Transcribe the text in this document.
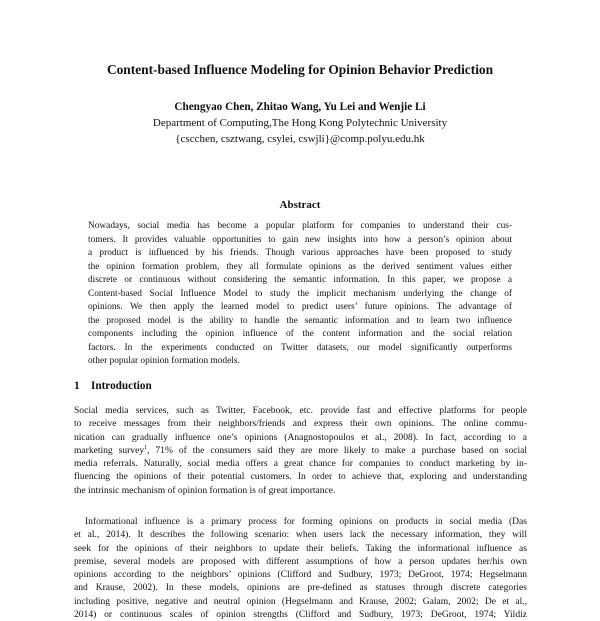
Content-based Influence Modeling for Opinion Behavior Prediction
Chengyao Chen, Zhitao Wang, Yu Lei and Wenjie Li
Department of Computing,The Hong Kong Polytechnic University
{cscchen, csztwang, csylei, cswjli}@comp.polyu.edu.hk
Abstract
Nowadays, social media has become a popular platform for companies to understand their cus-
tomers. It provides valuable opportunities to gain new insights into how a person’s opinion about
a product is influenced by his friends. Though various approaches have been proposed to study
the opinion formation problem, they all formulate opinions as the derived sentiment values either
discrete or continuous without considering the semantic information. In this paper, we propose a
Content-based Social Influence Model to study the implicit mechanism underlying the change of
opinions. We then apply the learned model to predict users’ future opinions. The advantage of
the proposed model is the ability to handle the semantic information and to learn two influence
components including the opinion influence of the content information and the social relation
factors. In the experiments conducted on Twitter datasets, our model significantly outperforms
other popular opinion formation models.
1 Introduction
Social media services, such as Twitter, Facebook, etc. provide fast and effective platforms for people
to receive messages from their neighbors/friends and express their own opinions. The online commu-
nication can gradually influence one’s opinions (Anagnostopoulos et al., 2008). In fact, according to a
marketing survey$^1$, 71% of the consumers said they are more likely to make a purchase based on social
media referrals. Naturally, social media offers a great chance for companies to conduct marketing by in-
fluencing the opinions of their potential customers. In order to achieve that, exploring and understanding
the intrinsic mechanism of opinion formation is of great importance.
Informational influence is a primary process for forming opinions on products in social media (Das
et al., 2014). It describes the following scenario: when users lack the necessary information, they will
seek for the opinions of their neighbors to update their beliefs. Taking the informational influence as
premise, several models are proposed with different assumptions of how a person updates her/his own
opinions according to the neighbors’ opinions (Clifford and Sudbury, 1973; DeGroot, 1974; Hegselmann
and Krause, 2002). In these models, opinions are pre-defined as statuses through discrete categories
including positive, negative and neutral opinion (Hegselmann and Krause, 2002; Galam, 2002; De et al.,
2014) or continuous scales of opinion strengths (Clifford and Sudbury, 1973; DeGroot, 1974; Yildiz
